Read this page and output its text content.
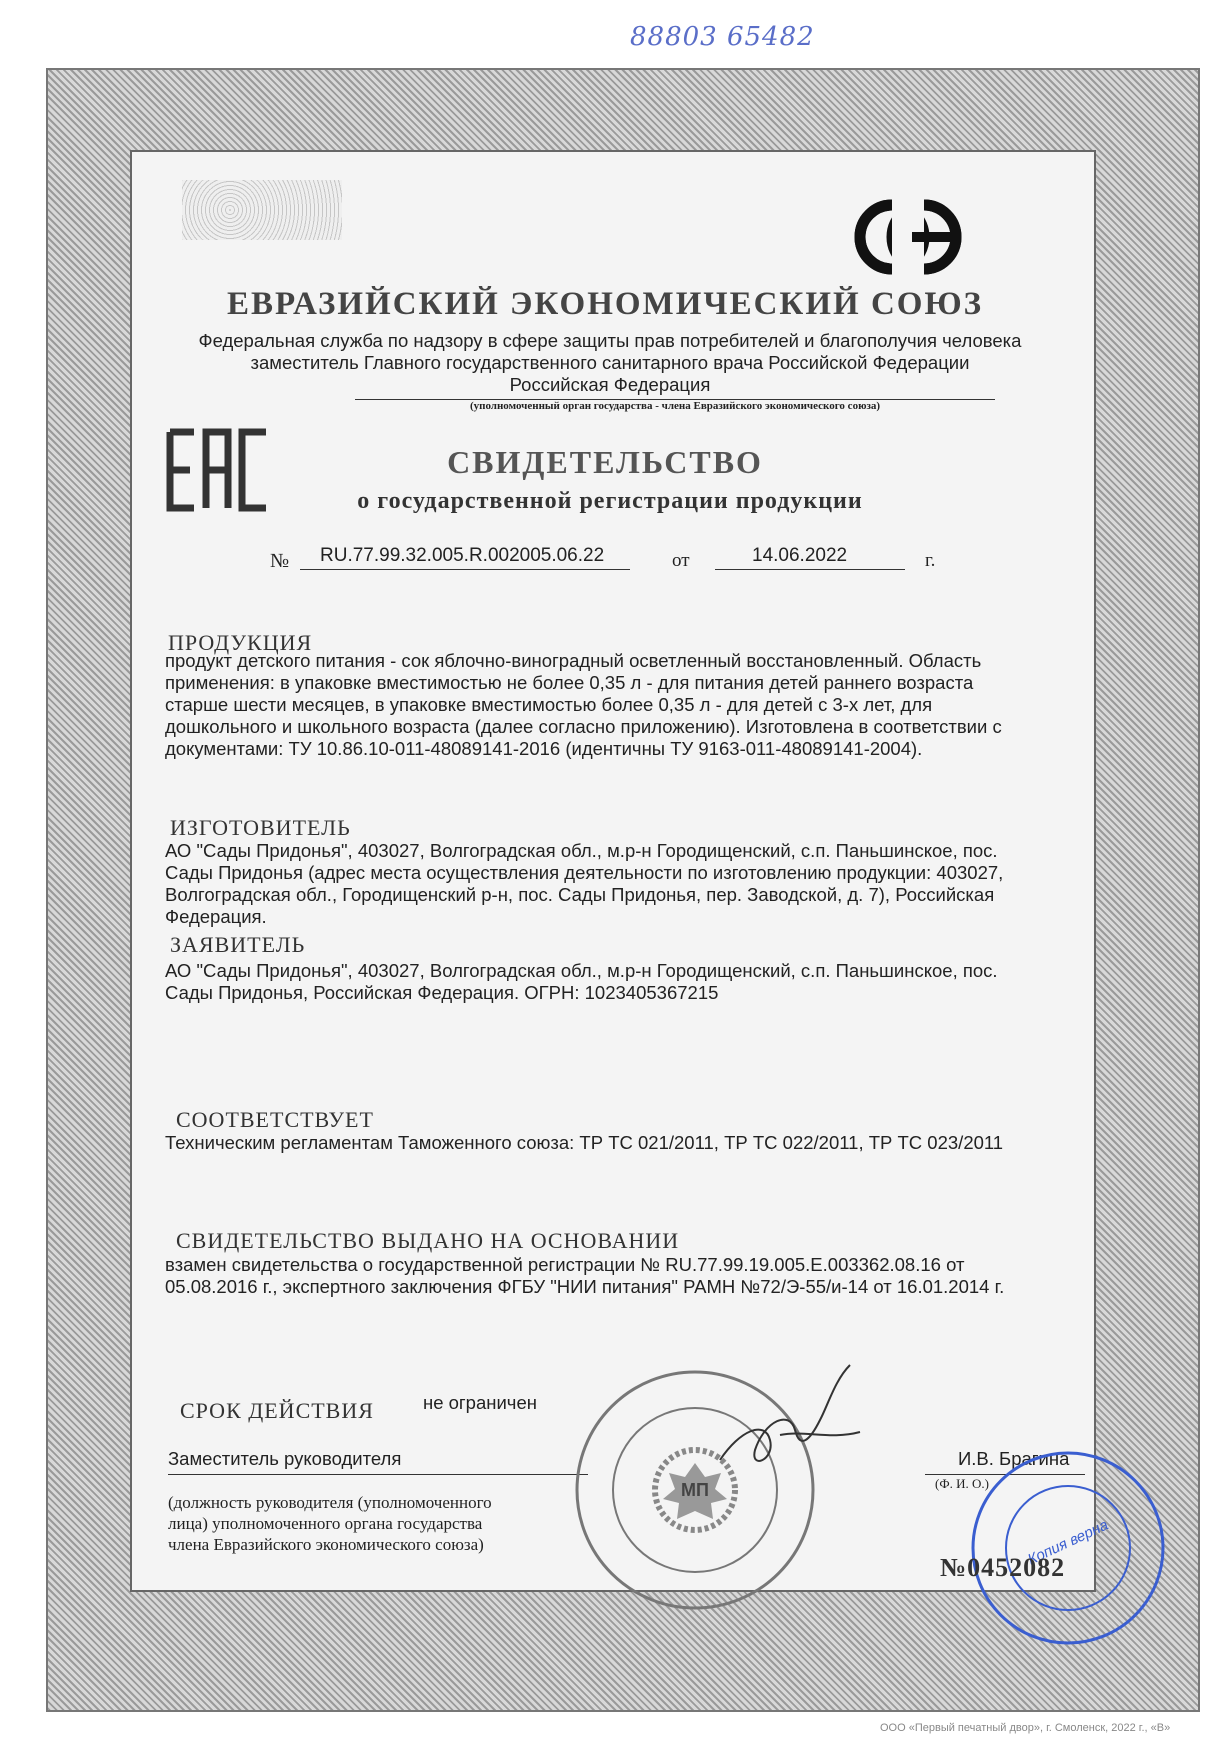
88803 65482
ЕВРАЗИЙСКИЙ ЭКОНОМИЧЕСКИЙ СОЮЗ
Федеральная служба по надзору в сфере защиты прав потребителей и благополучия человека
заместитель Главного государственного санитарного врача Российской Федерации
Российская Федерация
(уполномоченный орган государства - члена Евразийского экономического союза)
СВИДЕТЕЛЬСТВО
о государственной регистрации продукции
№ RU.77.99.32.005.R.002005.06.22	от	14.06.2022	г.
ПРОДУКЦИЯ
продукт детского питания - сок яблочно-виноградный осветленный восстановленный. Область
применения: в упаковке вместимостью не более 0,35 л - для питания детей раннего возраста
старше шести месяцев, в упаковке вместимостью более 0,35 л - для детей с 3-х лет, для
дошкольного и школьного возраста (далее согласно приложению). Изготовлена в соответствии с
документами: ТУ 10.86.10-011-48089141-2016 (идентичны ТУ 9163-011-48089141-2004).
ИЗГОТОВИТЕЛЬ
АО "Сады Придонья", 403027, Волгоградская обл., м.р-н Городищенский, с.п. Паньшинское, пос.
Сады Придонья (адрес места осуществления деятельности по изготовлению продукции: 403027,
Волгоградская обл., Городищенский р-н, пос. Сады Придонья, пер. Заводской, д. 7), Российская
Федерация.
ЗАЯВИТЕЛЬ
АО "Сады Придонья", 403027, Волгоградская обл., м.р-н Городищенский, с.п. Паньшинское, пос.
Сады Придонья, Российская Федерация. ОГРН: 1023405367215
СООТВЕТСТВУЕТ
Техническим регламентам Таможенного союза: ТР ТС 021/2011, ТР ТС 022/2011, ТР ТС 023/2011
СВИДЕТЕЛЬСТВО ВЫДАНО НА ОСНОВАНИИ
взамен свидетельства о государственной регистрации № RU.77.99.19.005.Е.003362.08.16 от
05.08.2016 г., экспертного заключения ФГБУ "НИИ питания" РАМН №72/Э-55/и-14 от 16.01.2014 г.
СРОК ДЕЙСТВИЯ	не ограничен
Заместитель руководителя	И.В. Брагина
(Ф. И. О.)
(должность руководителя (уполномоченного
лица) уполномоченного органа государства
члена Евразийского экономического союза)
МП
Копия верна
№0452082
ООО «Первый печатный двор», г. Смоленск, 2022 г., «В»
